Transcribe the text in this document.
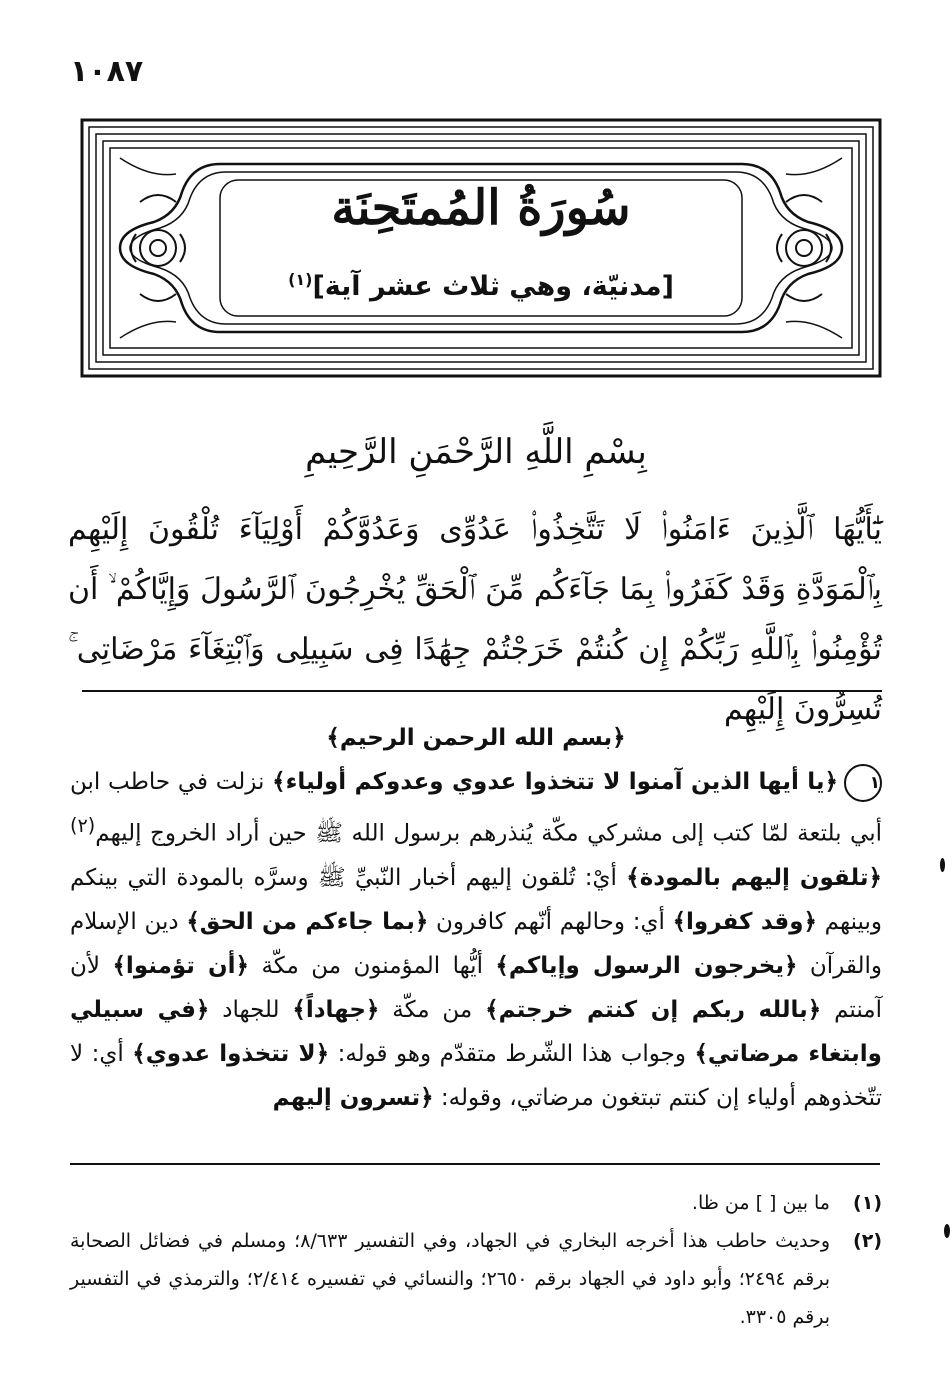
١٠٨٧
سُورَةُ المُمتَحِنَة
[مدنيّة، وهي ثلاث عشر آية]$^{(١)}$
بِسْمِ اللَّهِ الرَّحْمَنِ الرَّحِيمِ
يَٰٓأَيُّهَا ٱلَّذِينَ ءَامَنُوا۟ لَا تَتَّخِذُوا۟ عَدُوِّى وَعَدُوَّكُمْ أَوْلِيَآءَ تُلْقُونَ إِلَيْهِم بِٱلْمَوَدَّةِ وَقَدْ كَفَرُوا۟ بِمَا جَآءَكُم مِّنَ ٱلْحَقِّ يُخْرِجُونَ ٱلرَّسُولَ وَإِيَّاكُمْ ۙ أَن تُؤْمِنُوا۟ بِٱللَّهِ رَبِّكُمْ إِن كُنتُمْ خَرَجْتُمْ جِهَٰدًا فِى سَبِيلِى وَٱبْتِغَآءَ مَرْضَاتِى ۚ تُسِرُّونَ إِلَيْهِم
﴿بسم الله الرحمن الرحيم﴾
١﴿يا أيها الذين آمنوا لا تتخذوا عدوي وعدوكم أولياء﴾ نزلت في حاطب ابن أبي بلتعة لمّا كتب إلى مشركي مكّة يُنذرهم برسول الله ﷺ حين أراد الخروج إليهم$^{(٢)}$ ﴿تلقون إليهم بالمودة﴾ أيْ: تُلقون إليهم أخبار النّبيِّ ﷺ وسرَّه بالمودة التي بينكم وبينهم ﴿وقد كفروا﴾ أي: وحالهم أنّهم كافرون ﴿بما جاءكم من الحق﴾ دين الإسلام والقرآن ﴿يخرجون الرسول وإياكم﴾ أيُّها المؤمنون من مكّة ﴿أن تؤمنوا﴾ لأن آمنتم ﴿بالله ربكم إن كنتم خرجتم﴾ من مكّة ﴿جهاداً﴾ للجهاد ﴿في سبيلي وابتغاء مرضاتي﴾ وجواب هذا الشّرط متقدّم وهو قوله: ﴿لا تتخذوا عدوي﴾ أي: لا تتّخذوهم أولياء إن كنتم تبتغون مرضاتي، وقوله: ﴿تسرون إليهم
(١)
ما بين [ ] من ظا.
(٢)
وحديث حاطب هذا أخرجه البخاري في الجهاد، وفي التفسير ٨/٦٣٣؛ ومسلم في فضائل الصحابة برقم ٢٤٩٤؛ وأبو داود في الجهاد برقم ٢٦٥٠؛ والنسائي في تفسيره ٢/٤١٤؛ والترمذي في التفسير برقم ٣٣٠٥.
